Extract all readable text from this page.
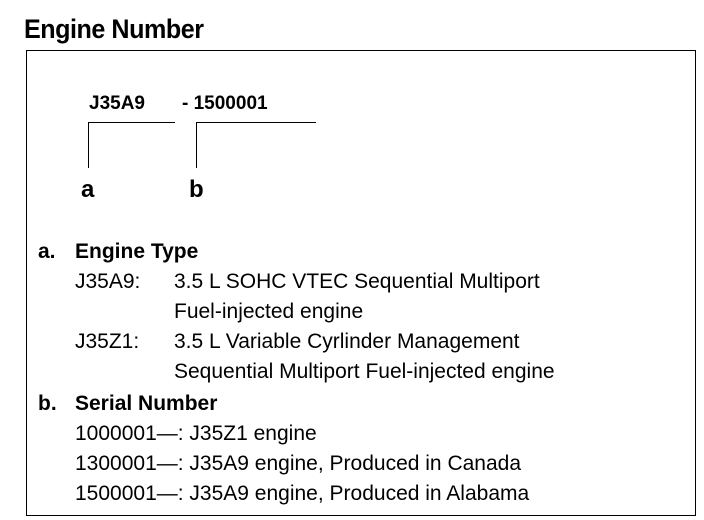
Engine Number
J35A9 - 1500001
a	b
a. Engine Type
J35A9: 3.5 L SOHC VTEC Sequential Multiport
Fuel-injected engine
J35Z1: 3.5 L Variable Cyrlinder Management
Sequential Multiport Fuel-injected engine
b. Serial Number
1000001—: J35Z1 engine
1300001—: J35A9 engine, Produced in Canada
1500001—: J35A9 engine, Produced in Alabama
